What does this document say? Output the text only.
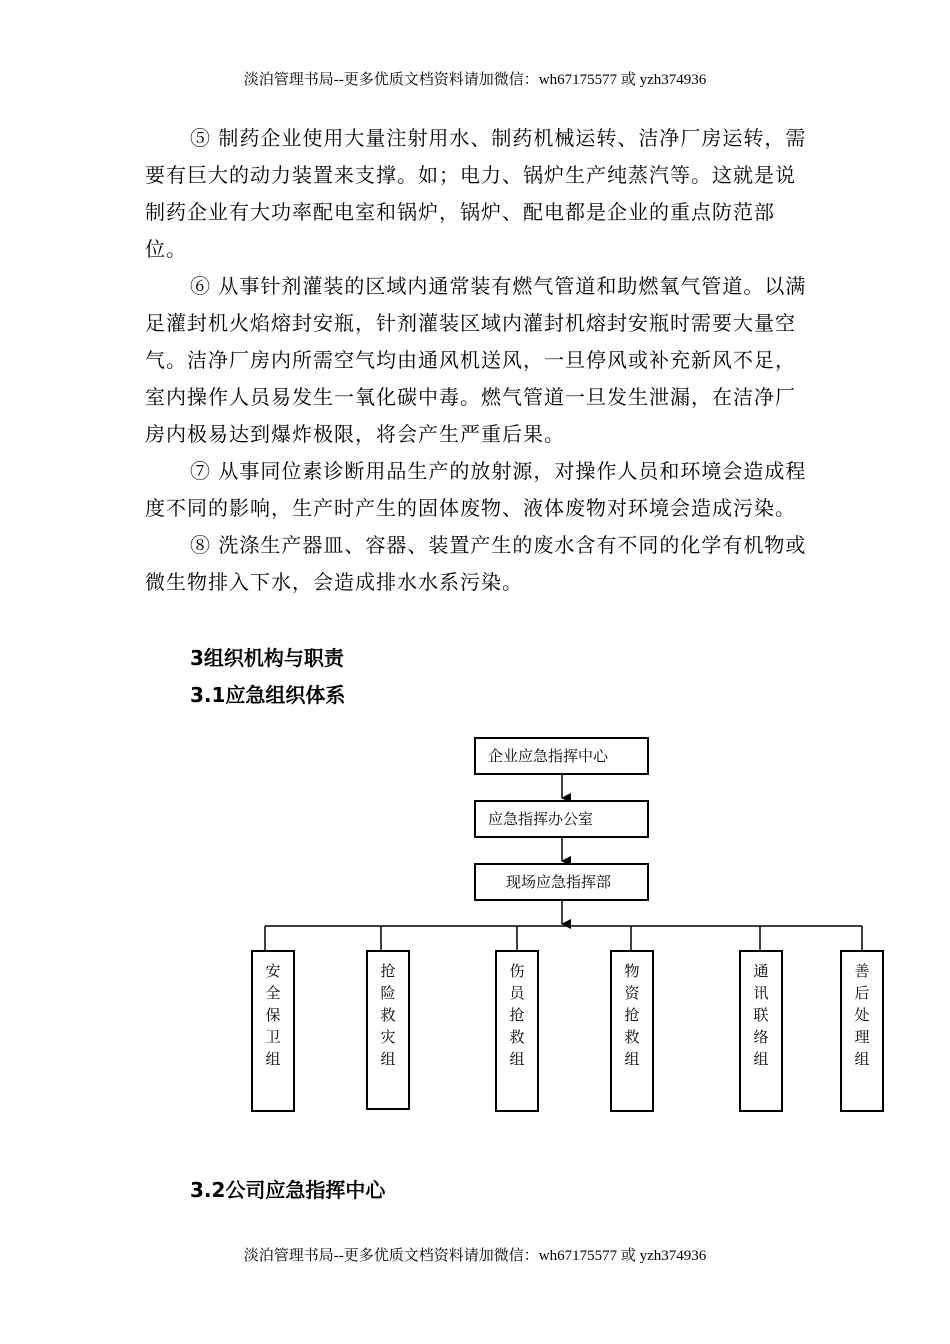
淡泊管理书局--更多优质文档资料请加微信：wh67175577 或 yzh374936

⑤ 制药企业使用大量注射用水、制药机械运转、洁净厂房运转，需要有巨大的动力装置来支撑。如；电力、锅炉生产纯蒸汽等。这就是说制药企业有大功率配电室和锅炉，锅炉、配电都是企业的重点防范部位。

⑥ 从事针剂灌装的区域内通常装有燃气管道和助燃氧气管道。以满足灌封机火焰熔封安瓶，针剂灌装区域内灌封机熔封安瓶时需要大量空气。洁净厂房内所需空气均由通风机送风，一旦停风或补充新风不足，室内操作人员易发生一氧化碳中毒。燃气管道一旦发生泄漏，在洁净厂房内极易达到爆炸极限，将会产生严重后果。

⑦ 从事同位素诊断用品生产的放射源，对操作人员和环境会造成程度不同的影响，生产时产生的固体废物、液体废物对环境会造成污染。

⑧ 洗涤生产器皿、容器、装置产生的废水含有不同的化学有机物或微生物排入下水，会造成排水水系污染。

3组织机构与职责
3.1应急组织体系
企业应急指挥中心
应急指挥办公室
现场应急指挥部
安全保卫组
抢险救灾组
伤员抢救组
物资抢救组
通讯联络组
善后处理组
3.2公司应急指挥中心
淡泊管理书局--更多优质文档资料请加微信：wh67175577 或 yzh374936
